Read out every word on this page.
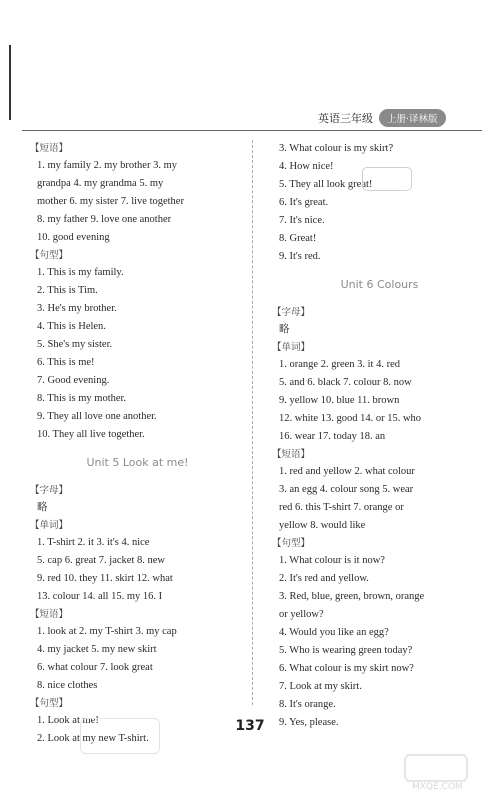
英语三年级	上册·译林版
【短语】
1. my family 2. my brother 3. my
grandpa 4. my grandma 5. my
mother 6. my sister 7. live together
8. my father 9. love one another
10. good evening
【句型】
1. This is my family.
2. This is Tim.
3. He's my brother.
4. This is Helen.
5. She's my sister.
6. This is me!
7. Good evening.
8. This is my mother.
9. They all love one another.
10. They all live together.
Unit 5 Look at me!
【字母】
略
【单词】
1. T-shirt 2. it 3. it's 4. nice
5. cap 6. great 7. jacket 8. new
9. red 10. they 11. skirt 12. what
13. colour 14. all 15. my 16. I
【短语】
1. look at 2. my T-shirt 3. my cap
4. my jacket 5. my new skirt
6. what colour 7. look great
8. nice clothes
【句型】
1. Look at me!
2. Look at my new T-shirt.
3. What colour is my skirt?
4. How nice!
5. They all look great!
6. It's great.
7. It's nice.
8. Great!
9. It's red.
Unit 6 Colours
【字母】
略
【单词】
1. orange 2. green 3. it 4. red
5. and 6. black 7. colour 8. now
9. yellow 10. blue 11. brown
12. white 13. good 14. or 15. who
16. wear 17. today 18. an
【短语】
1. red and yellow 2. what colour
3. an egg 4. colour song 5. wear
red 6. this T-shirt 7. orange or
yellow 8. would like
【句型】
1. What colour is it now?
2. It's red and yellow.
3. Red, blue, green, brown, orange
or yellow?
4. Would you like an egg?
5. Who is wearing green today?
6. What colour is my skirt now?
7. Look at my skirt.
8. It's orange.
9. Yes, please.
137
MXQE.COM
